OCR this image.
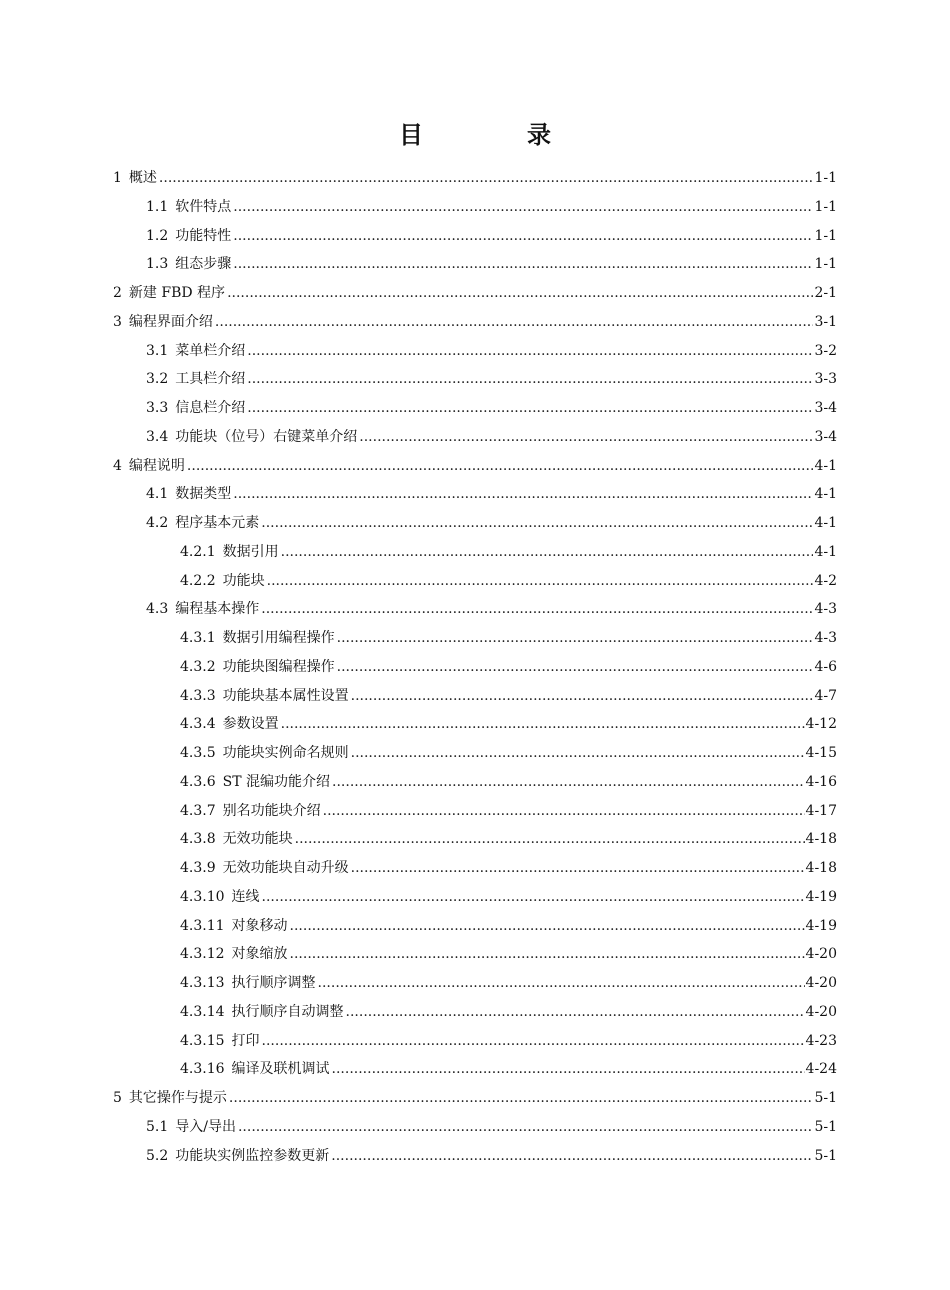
目　录
1 概述 .....	1-1
1.1 软件特点 .....	1-1
1.2 功能特性 .....	1-1
1.3 组态步骤 .....	1-1
2 新建 FBD 程序 .....	2-1
3 编程界面介绍 .....	3-1
3.1 菜单栏介绍 .....	3-2
3.2 工具栏介绍 .....	3-3
3.3 信息栏介绍 .....	3-4
3.4 功能块（位号）右键菜单介绍 .....	3-4
4 编程说明 .....	4-1
4.1 数据类型 .....	4-1
4.2 程序基本元素 .....	4-1
4.2.1 数据引用 .....	4-1
4.2.2 功能块 .....	4-2
4.3 编程基本操作 .....	4-3
4.3.1 数据引用编程操作 .....	4-3
4.3.2 功能块图编程操作 .....	4-6
4.3.3 功能块基本属性设置 .....	4-7
4.3.4 参数设置 .....	4-12
4.3.5 功能块实例命名规则 .....	4-15
4.3.6 ST 混编功能介绍 .....	4-16
4.3.7 别名功能块介绍 .....	4-17
4.3.8 无效功能块 .....	4-18
4.3.9 无效功能块自动升级 .....	4-18
4.3.10 连线 .....	4-19
4.3.11 对象移动 .....	4-19
4.3.12 对象缩放 .....	4-20
4.3.13 执行顺序调整 .....	4-20
4.3.14 执行顺序自动调整 .....	4-20
4.3.15 打印 .....	4-23
4.3.16 编译及联机调试 .....	4-24
5 其它操作与提示 .....	5-1
5.1 导入/导出 .....	5-1
5.2 功能块实例监控参数更新 .....	5-1
